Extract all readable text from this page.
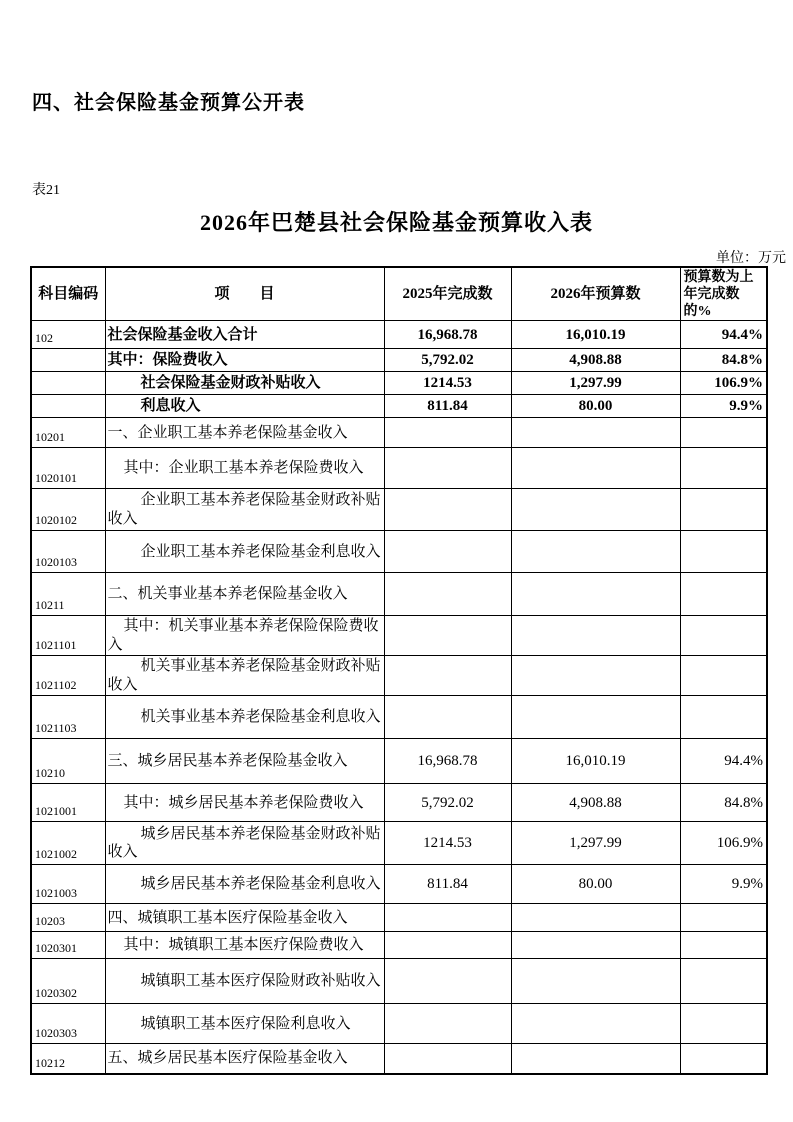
四、社会保险基金预算公开表
表21
2026年巴楚县社会保险基金预算收入表
单位：万元
科目编码	项　　目	2025年完成数	2026年预算数	预算数为上年完成数的%
102	社会保险基金收入合计	16,968.78	16,010.19	94.4%
	其中：保险费收入	5,792.02	4,908.88	84.8%
	社会保险基金财政补贴收入	1214.53	1,297.99	106.9%
	利息收入	811.84	80.00	9.9%
10201	一、企业职工基本养老保险基金收入			
1020101	其中：企业职工基本养老保险费收入			
1020102	企业职工基本养老保险基金财政补贴收入			
1020103	企业职工基本养老保险基金利息收入			
10211	二、机关事业基本养老保险基金收入			
1021101	其中：机关事业基本养老保险保险费收入			
1021102	机关事业基本养老保险基金财政补贴收入			
1021103	机关事业基本养老保险基金利息收入			
10210	三、城乡居民基本养老保险基金收入	16,968.78	16,010.19	94.4%
1021001	其中：城乡居民基本养老保险费收入	5,792.02	4,908.88	84.8%
1021002	城乡居民基本养老保险基金财政补贴收入	1214.53	1,297.99	106.9%
1021003	城乡居民基本养老保险基金利息收入	811.84	80.00	9.9%
10203	四、城镇职工基本医疗保险基金收入			
1020301	其中：城镇职工基本医疗保险费收入			
1020302	城镇职工基本医疗保险财政补贴收入			
1020303	城镇职工基本医疗保险利息收入			
10212	五、城乡居民基本医疗保险基金收入			
